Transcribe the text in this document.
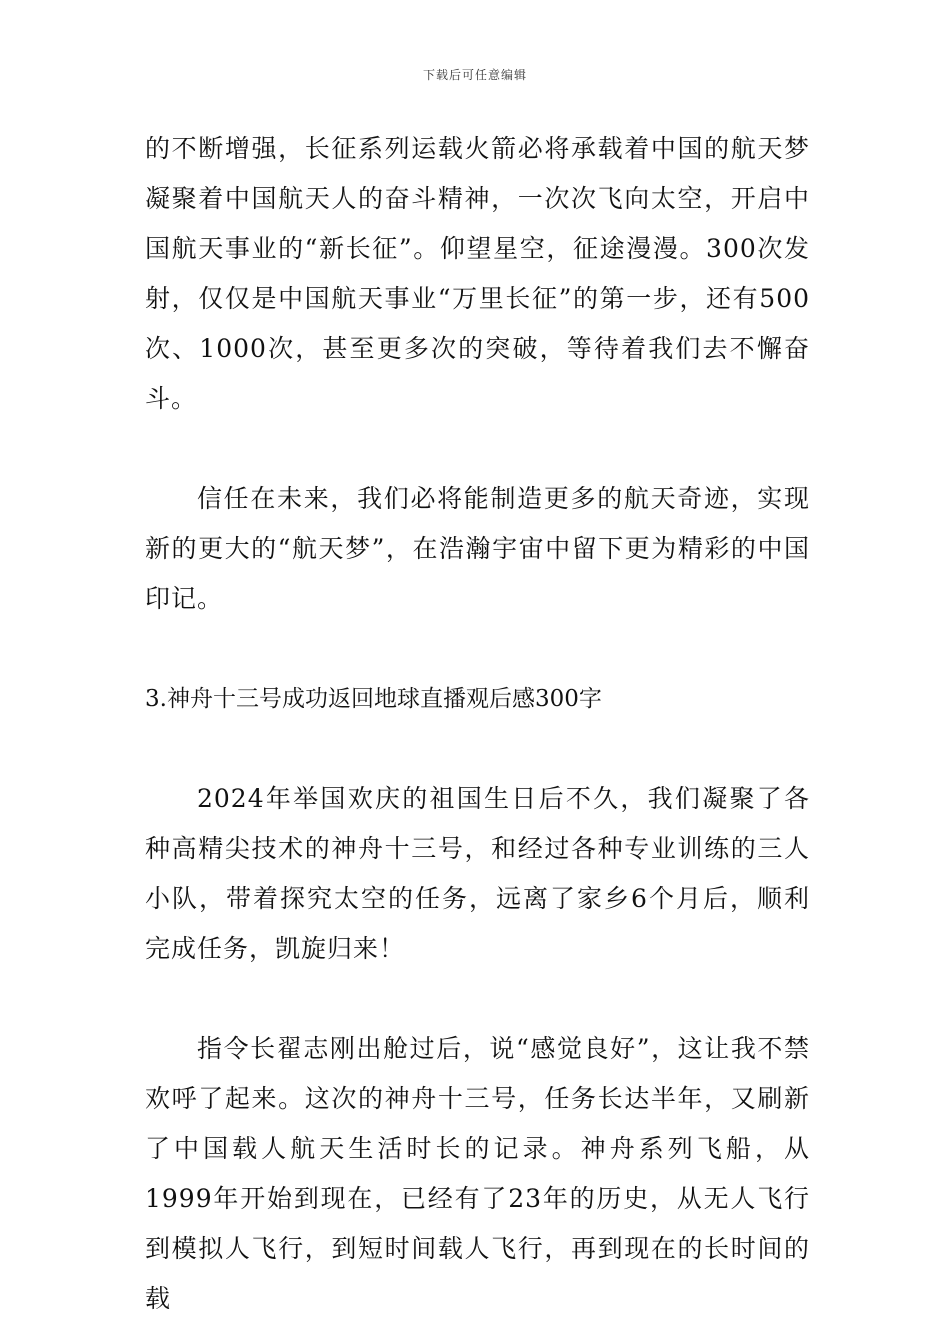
下载后可任意编辑

的不断增强，长征系列运载火箭必将承载着中国的航天梦凝聚着中国航天人的奋斗精神，一次次飞向太空，开启中国航天事业的“新长征”。仰望星空，征途漫漫。300次发射，仅仅是中国航天事业“万里长征”的第一步，还有500次、1000次，甚至更多次的突破，等待着我们去不懈奋斗。

信任在未来，我们必将能制造更多的航天奇迹，实现新的更大的“航天梦”，在浩瀚宇宙中留下更为精彩的中国印记。

3.神舟十三号成功返回地球直播观后感300字

2024年举国欢庆的祖国生日后不久，我们凝聚了各种高精尖技术的神舟十三号，和经过各种专业训练的三人小队，带着探究太空的任务，远离了家乡6个月后，顺利完成任务，凯旋归来！

指令长翟志刚出舱过后，说“感觉良好”，这让我不禁欢呼了起来。这次的神舟十三号，任务长达半年，又刷新了中国载人航天生活时长的记录。神舟系列飞船，从1999年开始到现在，已经有了23年的历史，从无人飞行到模拟人飞行，到短时间载人飞行，再到现在的长时间的载
